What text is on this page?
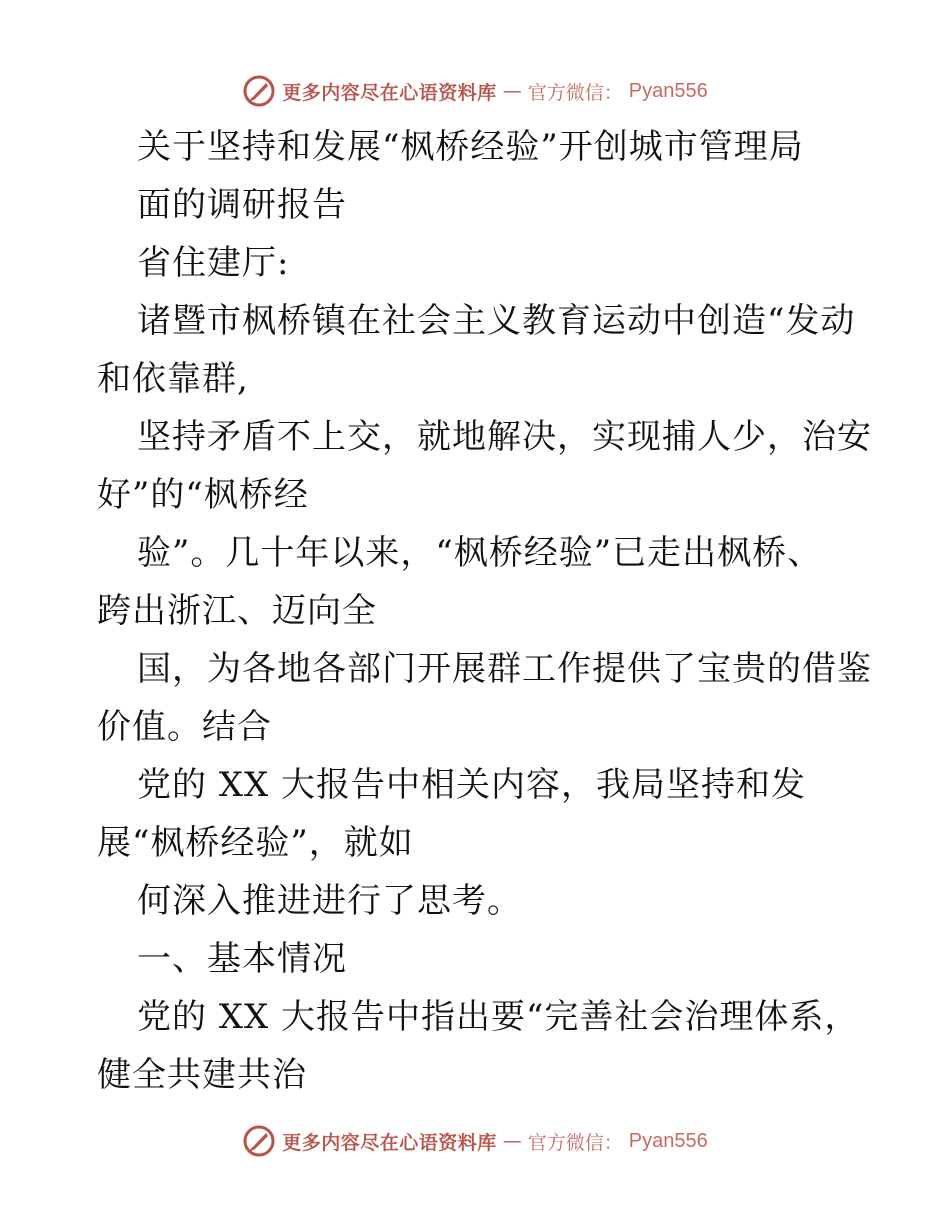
更多内容尽在心语资料库 — 官方微信： Pyan556
关于坚持和发展“枫桥经验”开创城市管理局
面的调研报告
省住建厅:
诸暨市枫桥镇在社会主义教育运动中创造“发动
和依靠群,
坚持矛盾不上交，就地解决，实现捕人少，治安
好”的“枫桥经
验”。几十年以来，“枫桥经验”已走出枫桥、
跨出浙江、迈向全
国，为各地各部门开展群工作提供了宝贵的借鉴
价值。结合
党的 XX 大报告中相关内容，我局坚持和发
展“枫桥经验”，就如
何深入推进进行了思考。
一、基本情况
党的 XX 大报告中指出要“完善社会治理体系，
健全共建共治
更多内容尽在心语资料库 — 官方微信： Pyan556
